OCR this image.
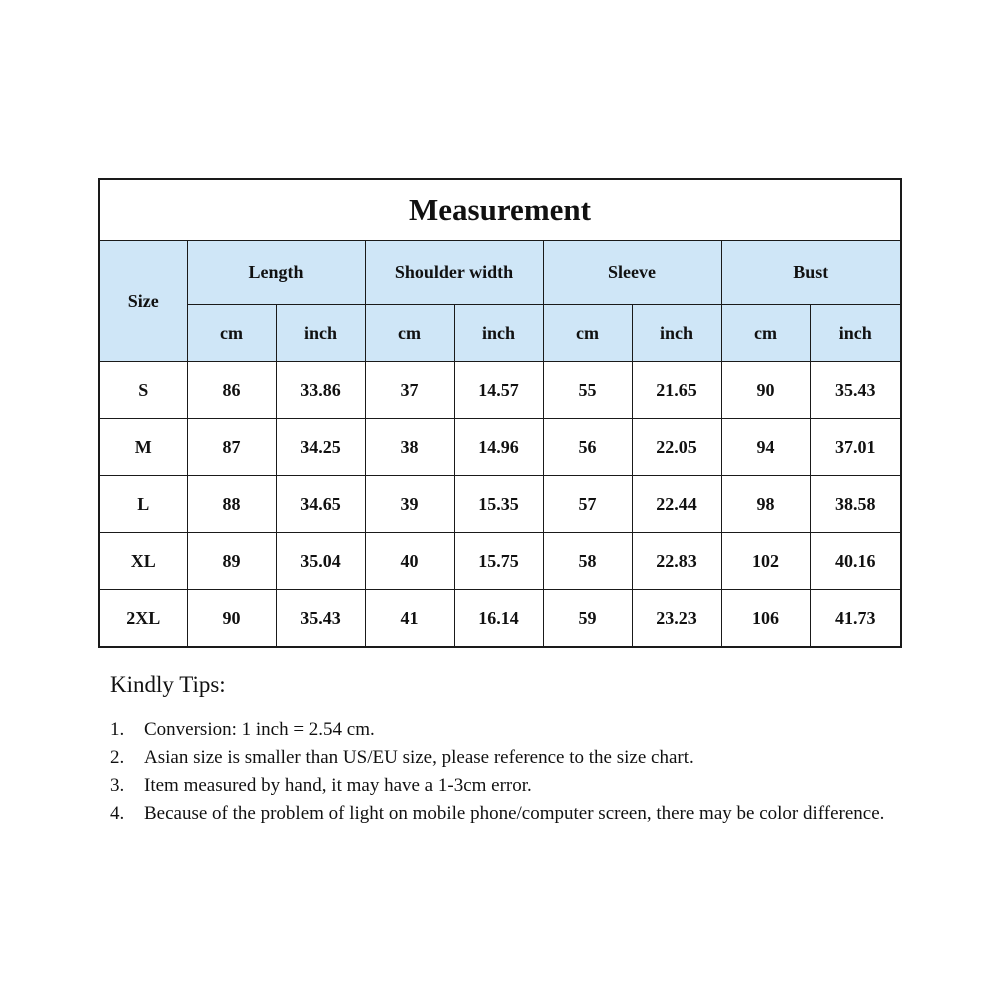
Measurement								
Size	Length		Shoulder width		Sleeve		Bust	
	cm	inch	cm	inch	cm	inch	cm	inch
S	86	33.86	37	14.57	55	21.65	90	35.43
M	87	34.25	38	14.96	56	22.05	94	37.01
L	88	34.65	39	15.35	57	22.44	98	38.58
XL	89	35.04	40	15.75	58	22.83	102	40.16
2XL	90	35.43	41	16.14	59	23.23	106	41.73
Kindly Tips:
1.	Conversion: 1 inch = 2.54 cm.
2.	Asian size is smaller than US/EU size, please reference to the size chart.
3.	Item measured by hand, it may have a 1-3cm error.
4.	Because of the problem of light on mobile phone/computer screen, there may be color difference.
